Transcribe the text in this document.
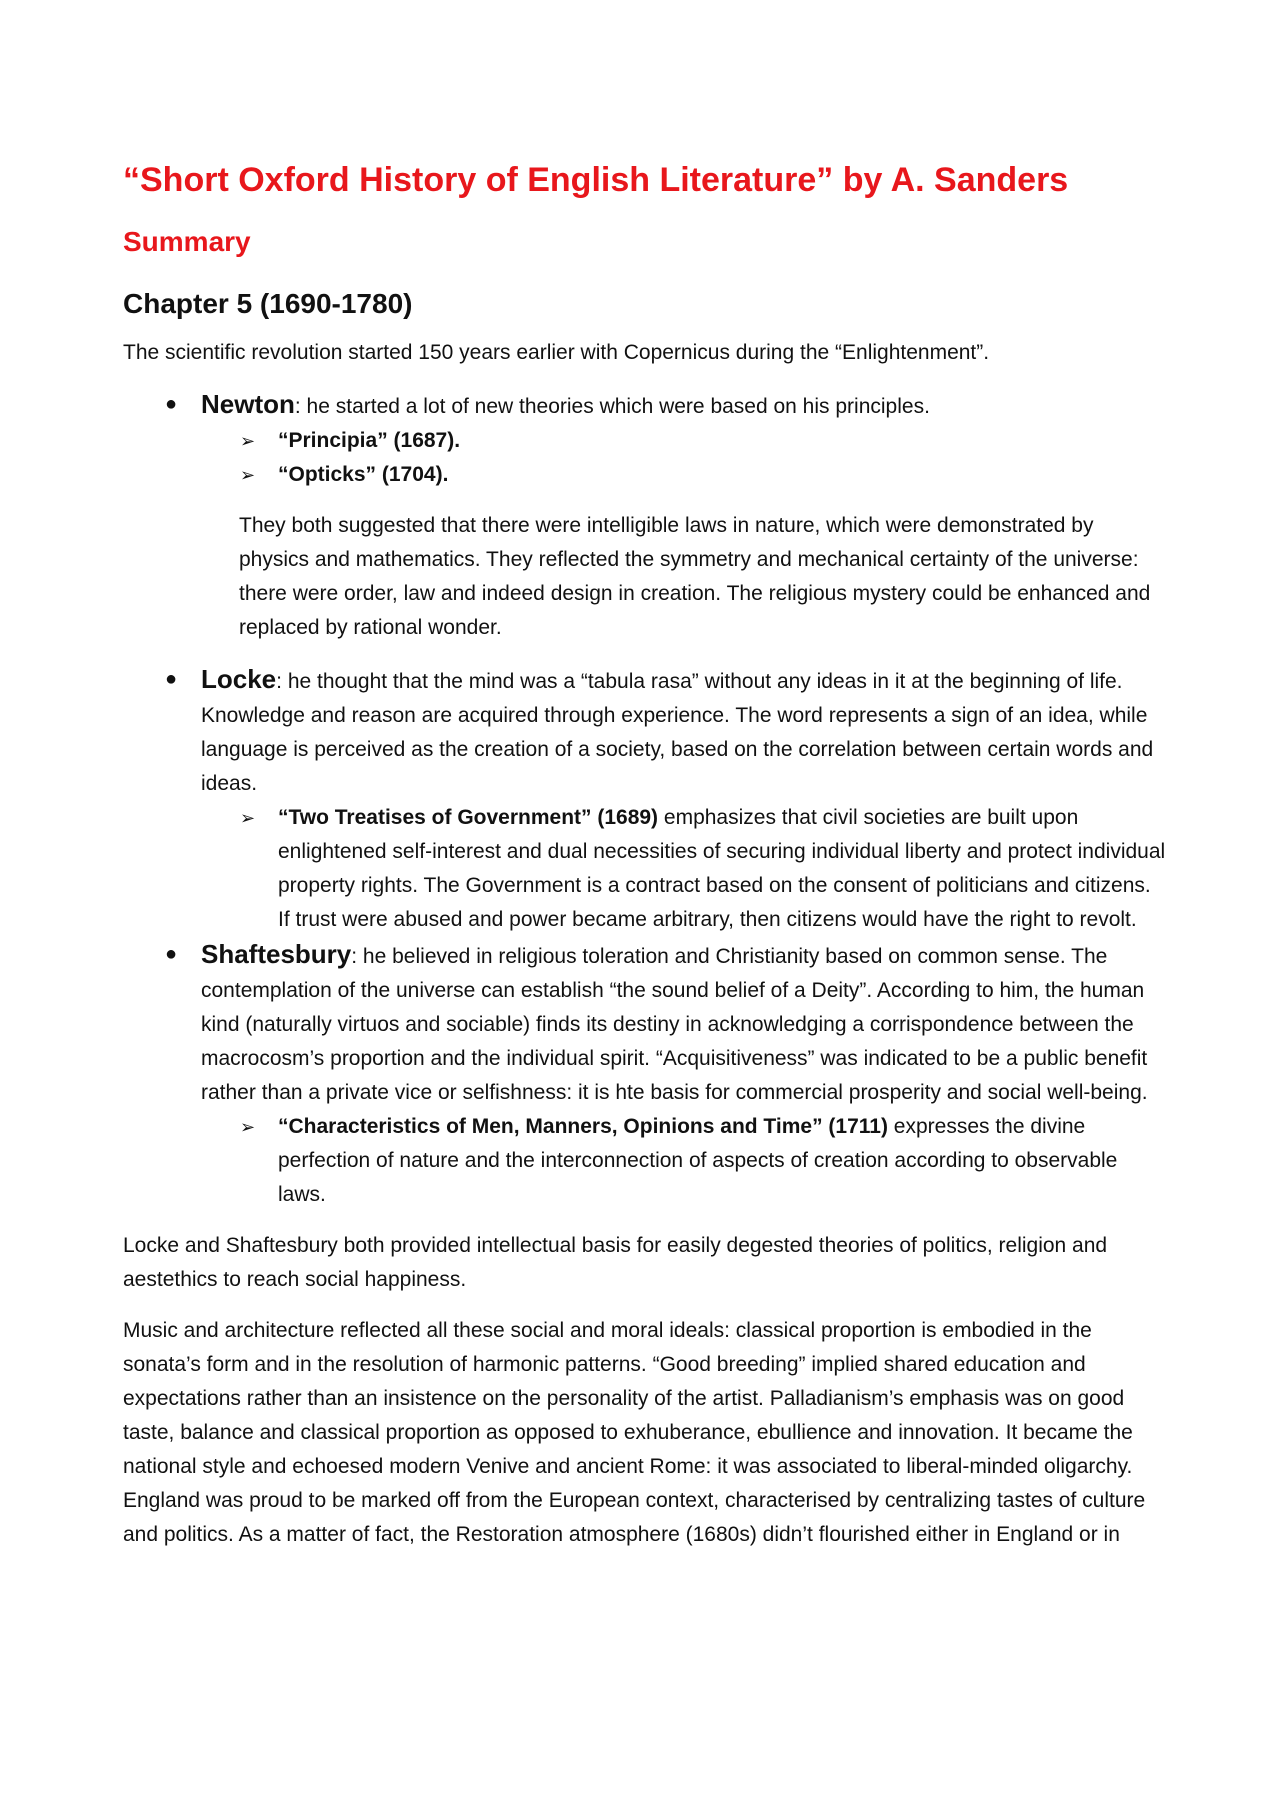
“Short Oxford History of English Literature” by A. Sanders
Summary
Chapter 5 (1690-1780)

The scientific revolution started 150 years earlier with Copernicus during the “Enlightenment”.

● Newton: he started a lot of new theories which were based on his principles.
➢ “Principia” (1687).
➢ “Opticks” (1704).
They both suggested that there were intelligible laws in nature, which were demonstrated by physics and mathematics. They reflected the symmetry and mechanical certainty of the universe: there were order, law and indeed design in creation. The religious mystery could be enhanced and replaced by rational wonder.
● Locke: he thought that the mind was a “tabula rasa” without any ideas in it at the beginning of life. Knowledge and reason are acquired through experience. The word represents a sign of an idea, while language is perceived as the creation of a society, based on the correlation between certain words and ideas.
➢ “Two Treatises of Government” (1689) emphasizes that civil societies are built upon enlightened self-interest and dual necessities of securing individual liberty and protect individual property rights. The Government is a contract based on the consent of politicians and citizens. If trust were abused and power became arbitrary, then citizens would have the right to revolt.
● Shaftesbury: he believed in religious toleration and Christianity based on common sense. The contemplation of the universe can establish “the sound belief of a Deity”. According to him, the human kind (naturally virtuos and sociable) finds its destiny in acknowledging a corrispondence between the macrocosm’s proportion and the individual spirit. “Acquisitiveness” was indicated to be a public benefit rather than a private vice or selfishness: it is hte basis for commercial prosperity and social well-being.
➢ “Characteristics of Men, Manners, Opinions and Time” (1711) expresses the divine perfection of nature and the interconnection of aspects of creation according to observable laws.

Locke and Shaftesbury both provided intellectual basis for easily degested theories of politics, religion and aestethics to reach social happiness.

Music and architecture reflected all these social and moral ideals: classical proportion is embodied in the sonata’s form and in the resolution of harmonic patterns. “Good breeding” implied shared education and expectations rather than an insistence on the personality of the artist. Palladianism’s emphasis was on good taste, balance and classical proportion as opposed to exhuberance, ebullience and innovation. It became the national style and echoesed modern Venive and ancient Rome: it was associated to liberal-minded oligarchy. England was proud to be marked off from the European context, characterised by centralizing tastes of culture and politics. As a matter of fact, the Restoration atmosphere (1680s) didn’t flourished either in England or in
